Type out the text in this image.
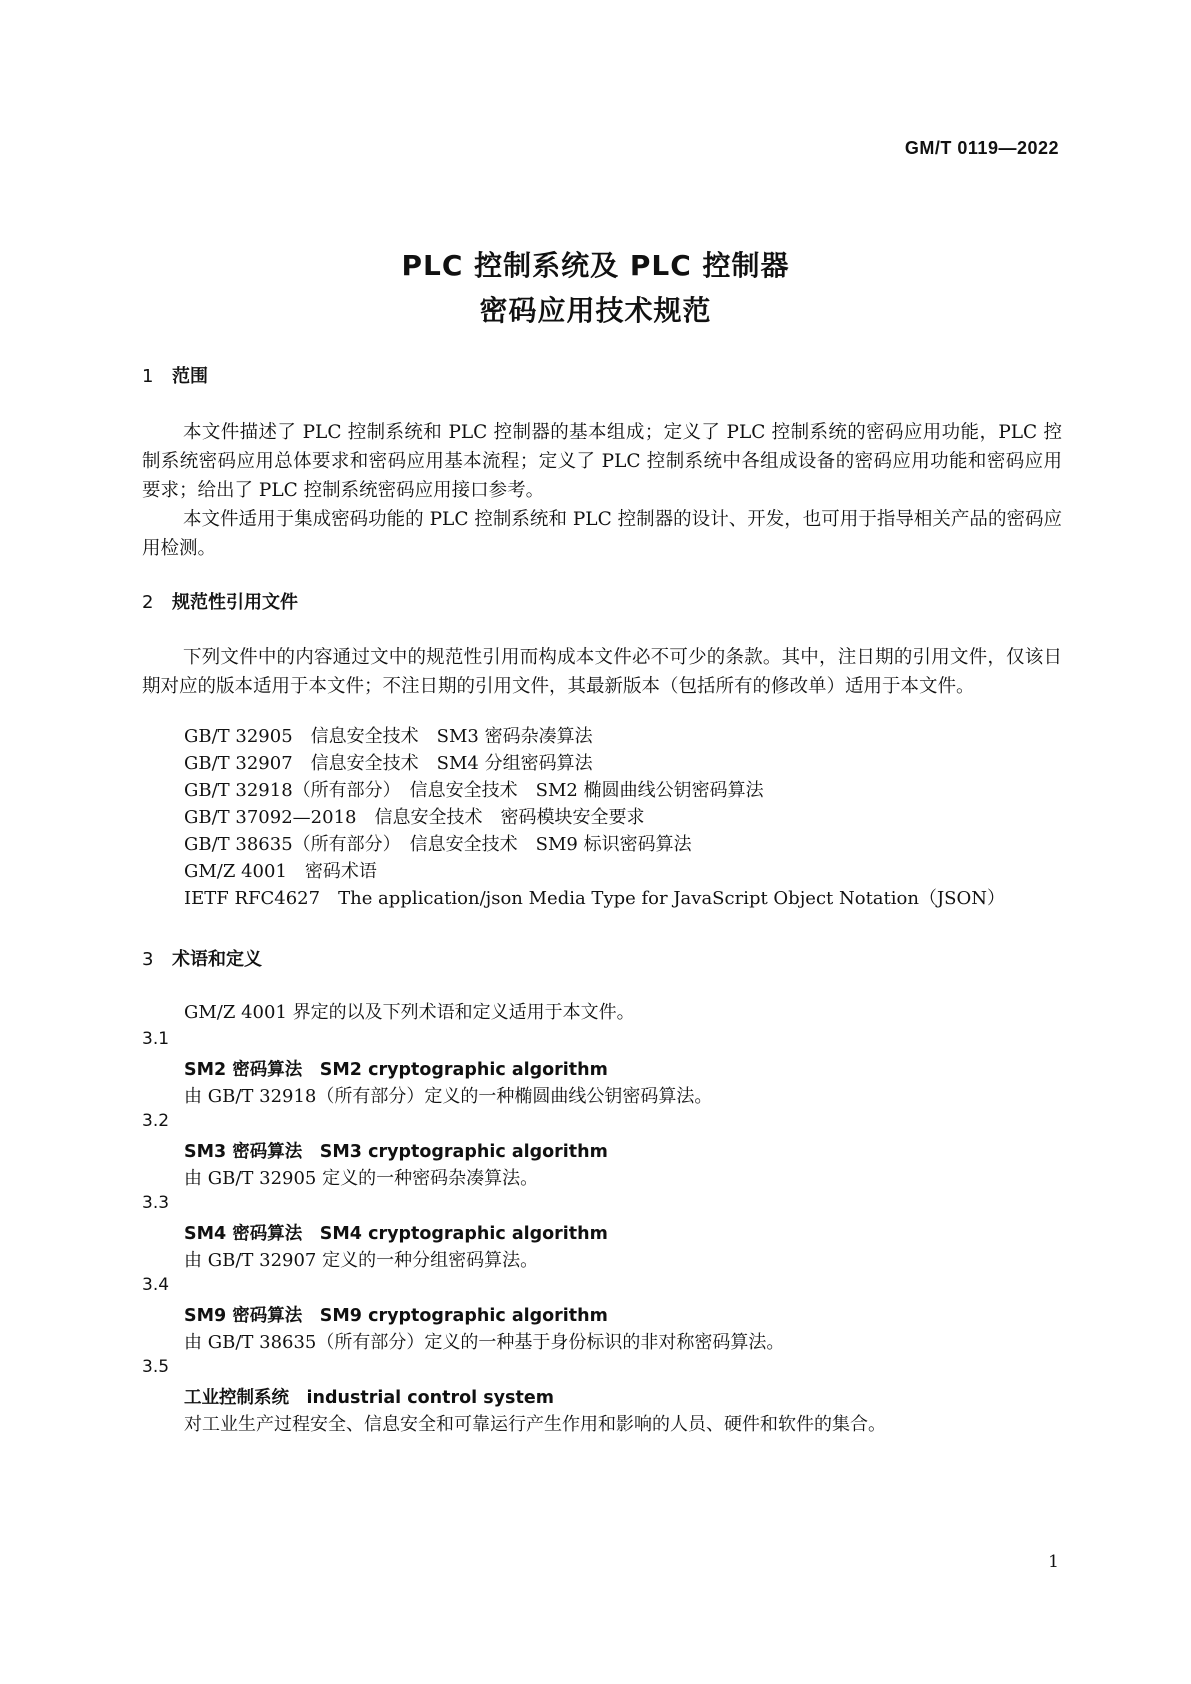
GM/T 0119—2022
PLC 控制系统及 PLC 控制器
密码应用技术规范
1 范围
本文件描述了 PLC 控制系统和 PLC 控制器的基本组成；定义了 PLC 控制系统的密码应用功能，PLC 控制系统密码应用总体要求和密码应用基本流程；定义了 PLC 控制系统中各组成设备的密码应用功能和密码应用要求；给出了 PLC 控制系统密码应用接口参考。
本文件适用于集成密码功能的 PLC 控制系统和 PLC 控制器的设计、开发，也可用于指导相关产品的密码应用检测。
2 规范性引用文件
下列文件中的内容通过文中的规范性引用而构成本文件必不可少的条款。其中，注日期的引用文件，仅该日期对应的版本适用于本文件；不注日期的引用文件，其最新版本（包括所有的修改单）适用于本文件。
GB/T 32905　信息安全技术　SM3 密码杂凑算法
GB/T 32907　信息安全技术　SM4 分组密码算法
GB/T 32918（所有部分）　信息安全技术　SM2 椭圆曲线公钥密码算法
GB/T 37092—2018　信息安全技术　密码模块安全要求
GB/T 38635（所有部分）　信息安全技术　SM9 标识密码算法
GM/Z 4001　密码术语
IETF RFC4627　The application/json Media Type for JavaScript Object Notation（JSON）
3 术语和定义
GM/Z 4001 界定的以及下列术语和定义适用于本文件。
3.1
SM2 密码算法　SM2 cryptographic algorithm
由 GB/T 32918（所有部分）定义的一种椭圆曲线公钥密码算法。
3.2
SM3 密码算法　SM3 cryptographic algorithm
由 GB/T 32905 定义的一种密码杂凑算法。
3.3
SM4 密码算法　SM4 cryptographic algorithm
由 GB/T 32907 定义的一种分组密码算法。
3.4
SM9 密码算法　SM9 cryptographic algorithm
由 GB/T 38635（所有部分）定义的一种基于身份标识的非对称密码算法。
3.5
工业控制系统　industrial control system
对工业生产过程安全、信息安全和可靠运行产生作用和影响的人员、硬件和软件的集合。
1
